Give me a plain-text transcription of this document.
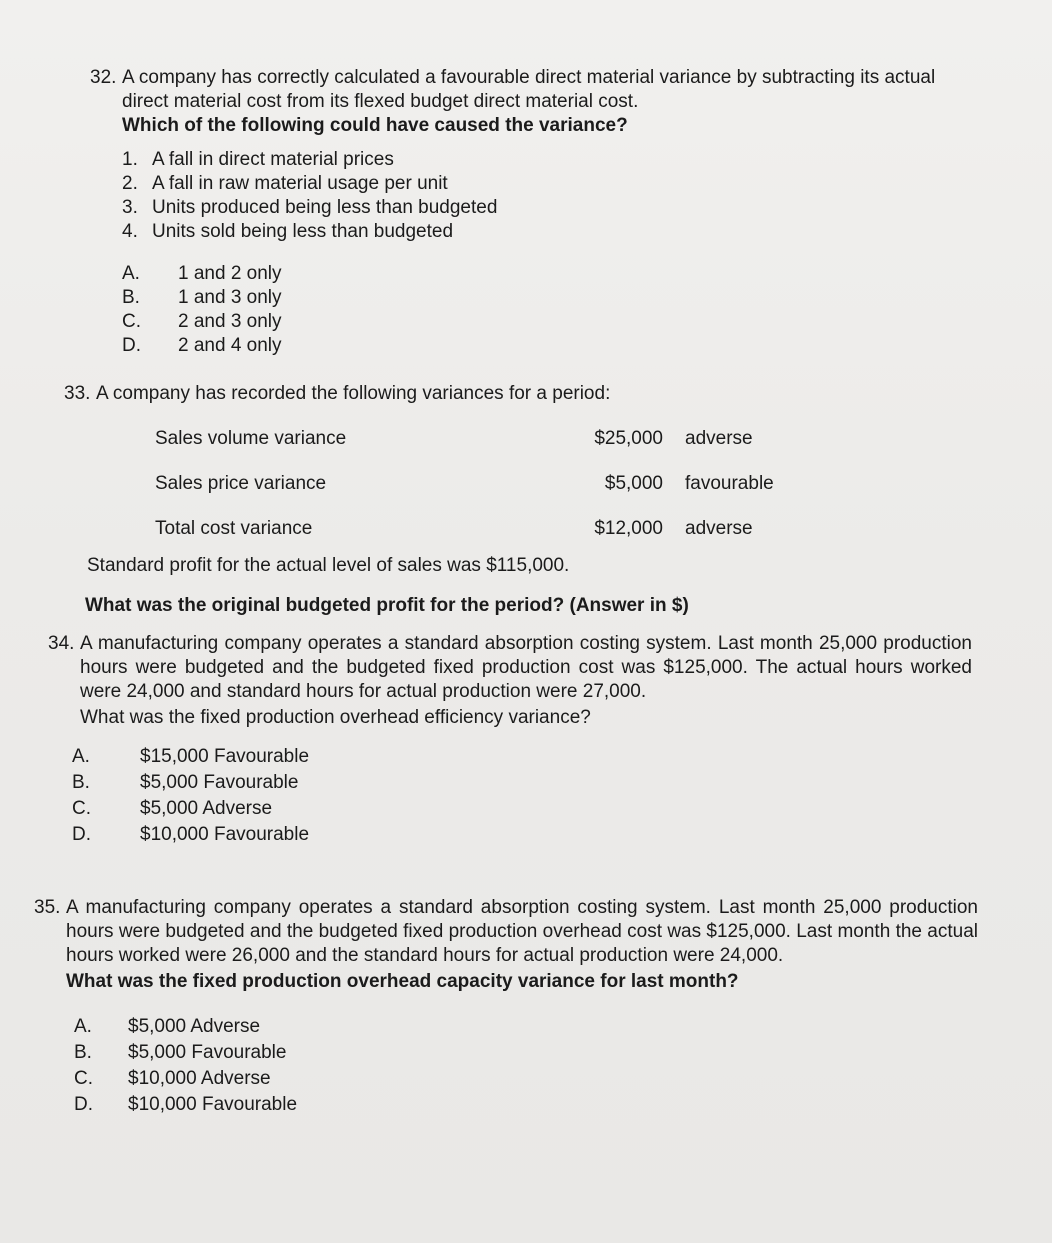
32. A company has correctly calculated a favourable direct material variance by subtracting its actual direct material cost from its flexed budget direct material cost.
Which of the following could have caused the variance?
1. A fall in direct material prices
2. A fall in raw material usage per unit
3. Units produced being less than budgeted
4. Units sold being less than budgeted
A. 1 and 2 only
B. 1 and 3 only
C. 2 and 3 only
D. 2 and 4 only
33. A company has recorded the following variances for a period:
Sales volume variance	$25,000 adverse
Sales price variance	$5,000 favourable
Total cost variance	$12,000 adverse
Standard profit for the actual level of sales was $115,000.
What was the original budgeted profit for the period? (Answer in $)
34. A manufacturing company operates a standard absorption costing system. Last month 25,000 production hours were budgeted and the budgeted fixed production cost was $125,000. The actual hours worked were 24,000 and standard hours for actual production were 27,000.
What was the fixed production overhead efficiency variance?
A.	$15,000 Favourable
B.	$5,000 Favourable
C.	$5,000 Adverse
D.	$10,000 Favourable
35. A manufacturing company operates a standard absorption costing system. Last month 25,000 production hours were budgeted and the budgeted fixed production overhead cost was $125,000. Last month the actual hours worked were 26,000 and the standard hours for actual production were 24,000.
What was the fixed production overhead capacity variance for last month?
A. $5,000 Adverse
B. $5,000 Favourable
C. $10,000 Adverse
D. $10,000 Favourable
